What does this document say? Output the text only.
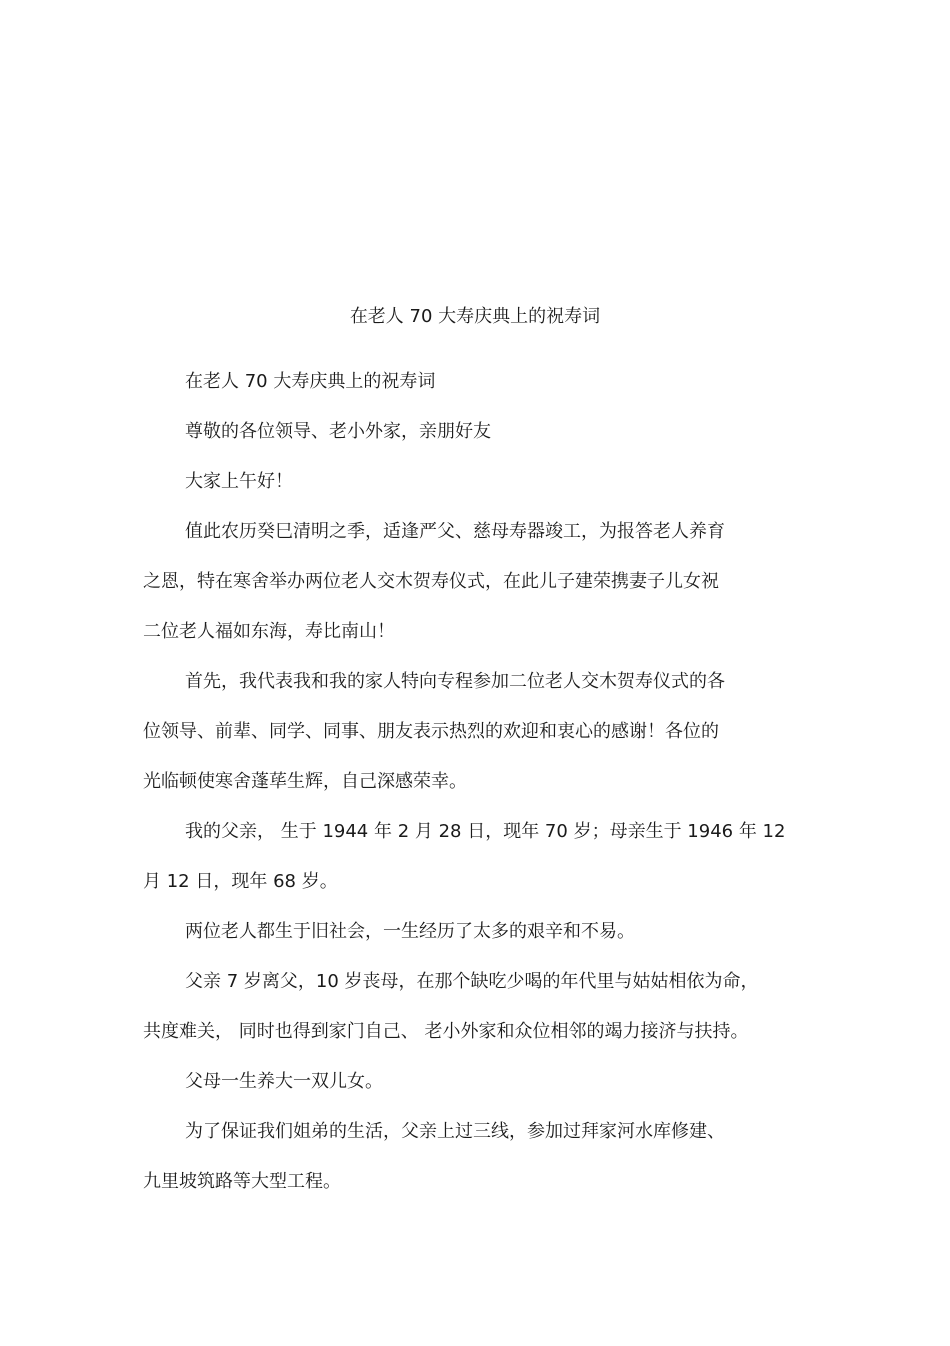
在老人 70 大寿庆典上的祝寿词
在老人 70 大寿庆典上的祝寿词
尊敬的各位领导、老小外家，亲朋好友
大家上午好！
值此农历癸巳清明之季，适逢严父、慈母寿器竣工，为报答老人养育
之恩，特在寒舍举办两位老人交木贺寿仪式，在此儿子建荣携妻子儿女祝
二位老人福如东海，寿比南山！
首先，我代表我和我的家人特向专程参加二位老人交木贺寿仪式的各
位领导、前辈、同学、同事、朋友表示热烈的欢迎和衷心的感谢！各位的
光临顿使寒舍蓬荜生辉，自己深感荣幸。
我的父亲， 生于 1944 年 2 月 28 日，现年 70 岁；母亲生于 1946 年 12
月 12 日，现年 68 岁。
两位老人都生于旧社会，一生经历了太多的艰辛和不易。
父亲 7 岁离父，10 岁丧母，在那个缺吃少喝的年代里与姑姑相依为命，
共度难关， 同时也得到家门自己、 老小外家和众位相邻的竭力接济与扶持。
父母一生养大一双儿女。
为了保证我们姐弟的生活，父亲上过三线，参加过拜家河水库修建、
九里坡筑路等大型工程。
